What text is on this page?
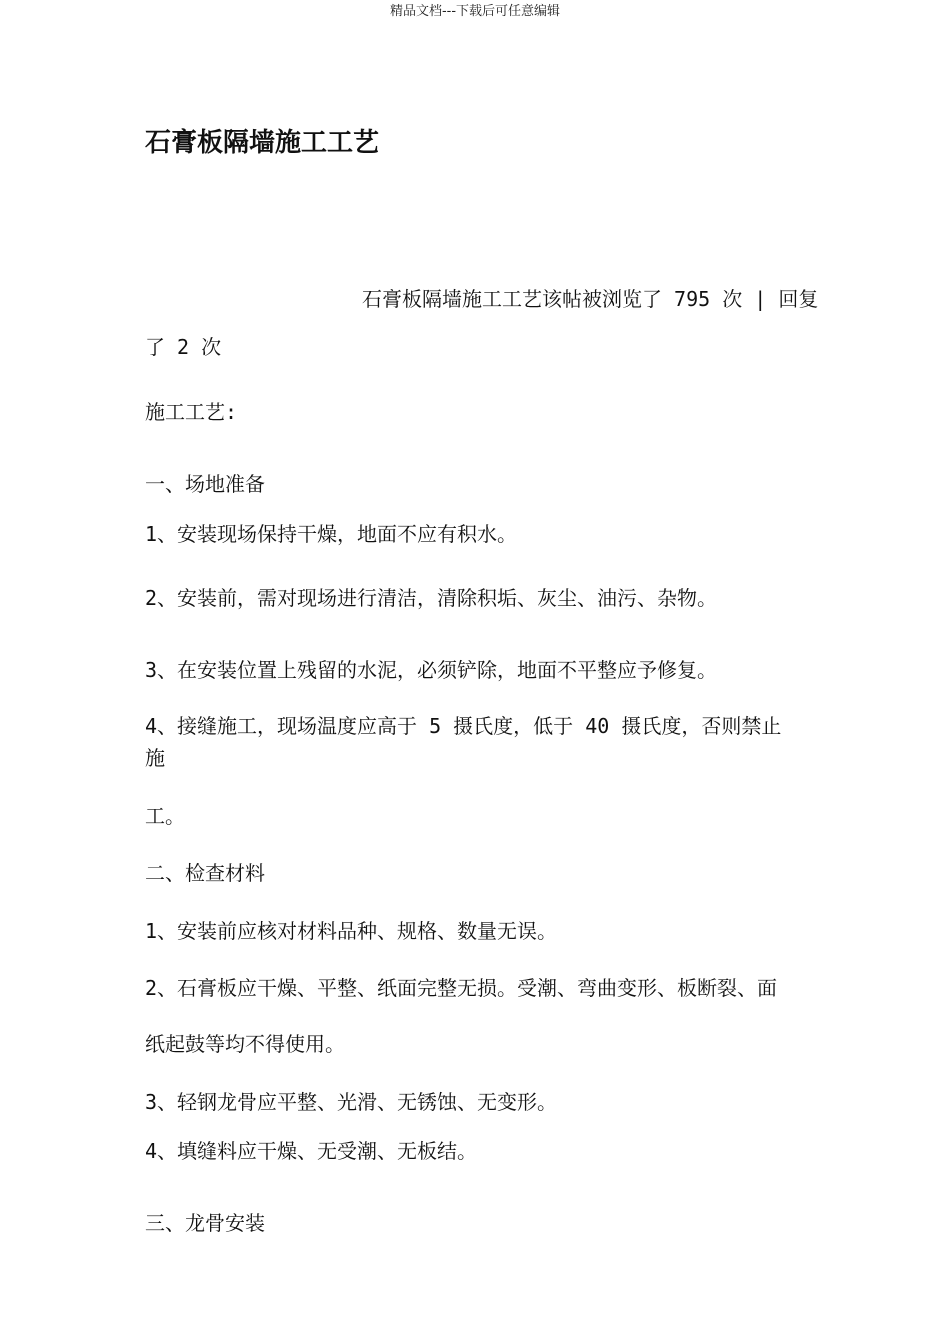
精品文档---下载后可任意编辑
石膏板隔墙施工工艺
石膏板隔墙施工工艺该帖被浏览了 795 次 | 回复
了 2 次
施工工艺:
一、场地准备
1、安装现场保持干燥，地面不应有积水。
2、安装前，需对现场进行清洁，清除积垢、灰尘、油污、杂物。
3、在安装位置上残留的水泥，必须铲除，地面不平整应予修复。
4、接缝施工，现场温度应高于 5 摄氏度，低于 40 摄氏度，否则禁止
施
工。
二、检查材料
1、安装前应核对材料品种、规格、数量无误。
2、石膏板应干燥、平整、纸面完整无损。受潮、弯曲变形、板断裂、面
纸起鼓等均不得使用。
3、轻钢龙骨应平整、光滑、无锈蚀、无变形。
4、填缝料应干燥、无受潮、无板结。
三、龙骨安装
